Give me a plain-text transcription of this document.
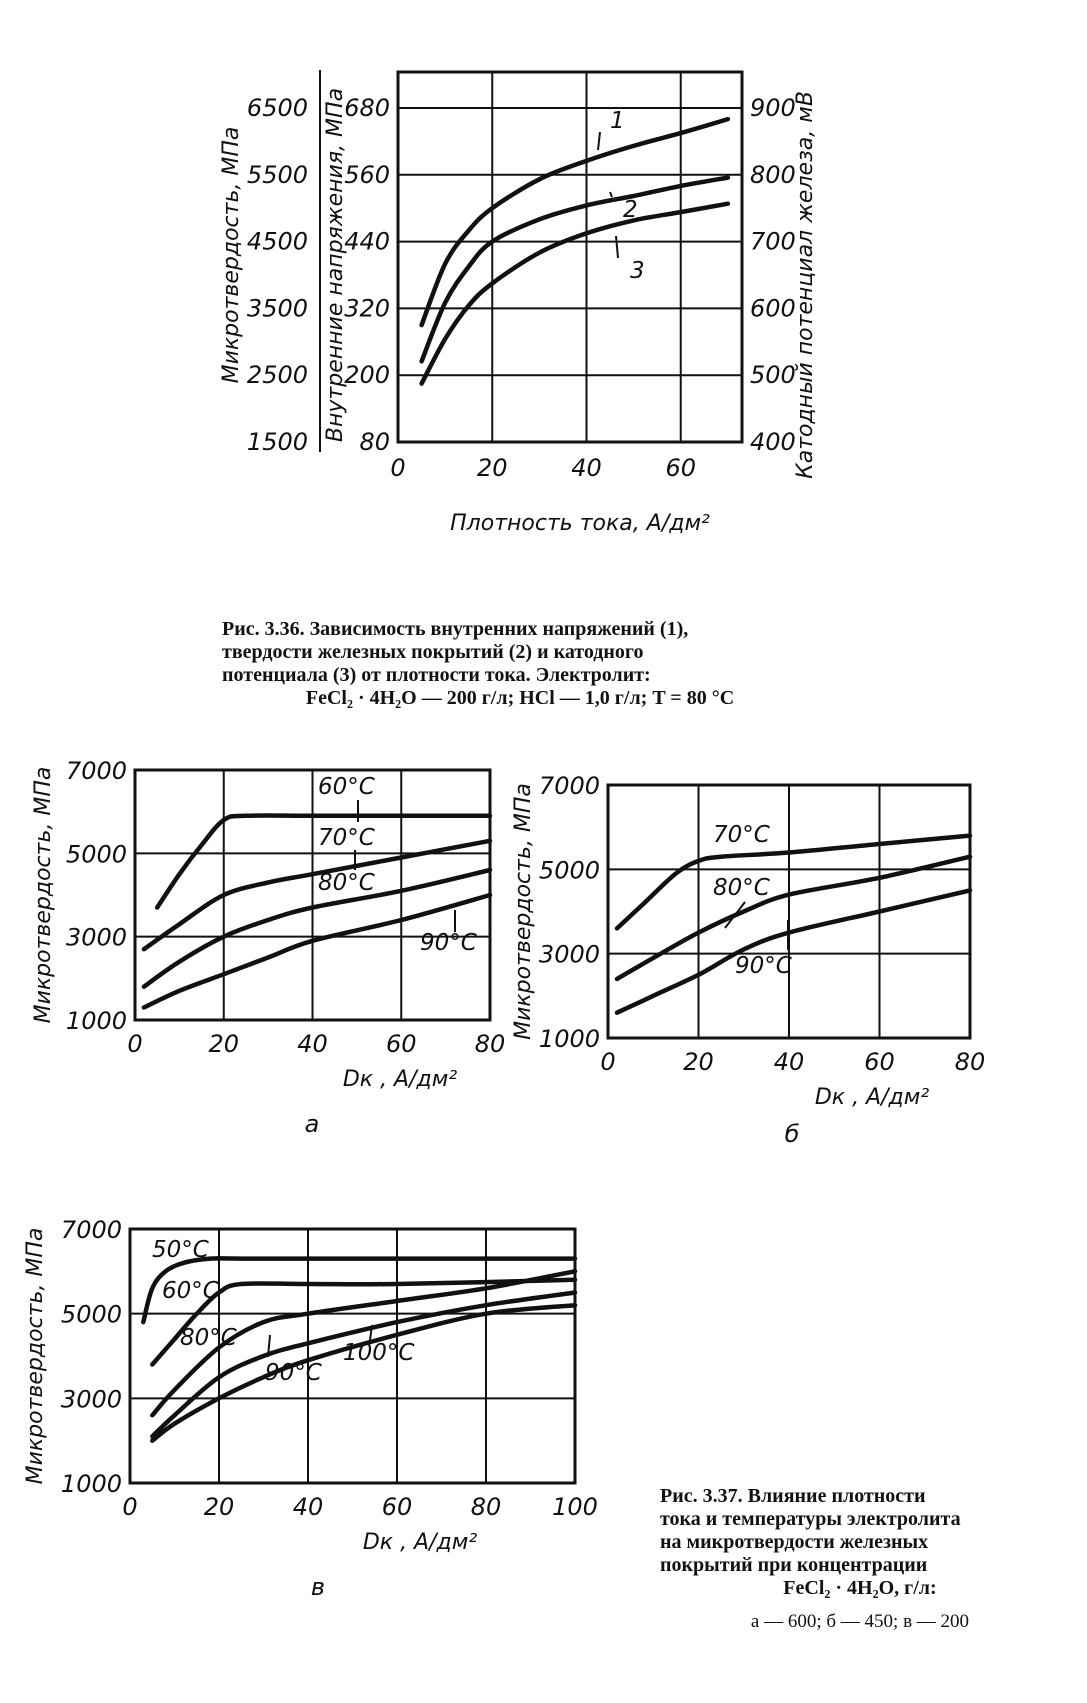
0	20	40	60
Плотность тока, А/дм²
680
560
440
320
200
80
6500
5500
4500
3500
2500
1500
Микротвердость, МПа	Внутренние напряжения, МПа	900
800
700
600
500
400
Катодный потенциал железа, мВ
1
2
3
0	20 40 60 80
7000
5000
3000
1000
Dк , А/дм²
Микротвердость, МПа	60°С
70°С
80°С
90°С
а
0	20 40 60 80
7000
5000
3000
1000
Dк , А/дм²
Микротвердость, МПа	70°С
80°С
90°С
б
0	20 40 60 80 100
7000
5000
3000
1000
Dк , А/дм²
Микротвердость, МПа	50°С
60°С
80°С
90°С
100°С
в
Рис. 3.36. Зависимость внутренних напряжений (1),
твердости железных покрытий (2) и катодного
потенциала (3) от плотности тока. Электролит:
FeCl₂ · 4H₂O — 200 г/л; HCl — 1,0 г/л; T = 80 °C
Рис. 3.37. Влияние плотности
тока и температуры электролита
на микротвердости железных
покрытий при концентрации
FeCl₂ · 4H₂O, г/л:
а — 600; б — 450; в — 200
